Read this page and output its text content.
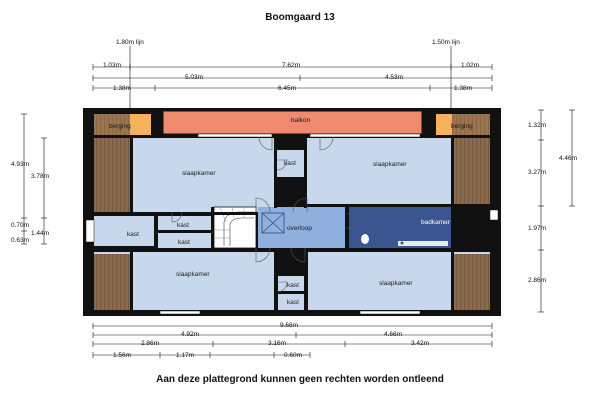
Boomgaard 13
1.80m lijn	1.50m lijn
1.03m	7.62m	1.02m
5.03m	4.53m
1.38m	6.45m	1.38m
4.93m
0.70m
0.63m
3.78m
1.44m
1.32m
3.27m
1.97m
2.86m
4.46m
balkon
berging	berging
slaapkamer
slaapkamer
kast
kast
kast
kast
overloop
badkamer
slaapkamer
slaapkamer
kast
kast
9.66m
4.92m	4.66m
2.86m	3.16m	3.42m
1.56m	1.17m	0.60m
Aan deze plattegrond kunnen geen rechten worden ontleend
